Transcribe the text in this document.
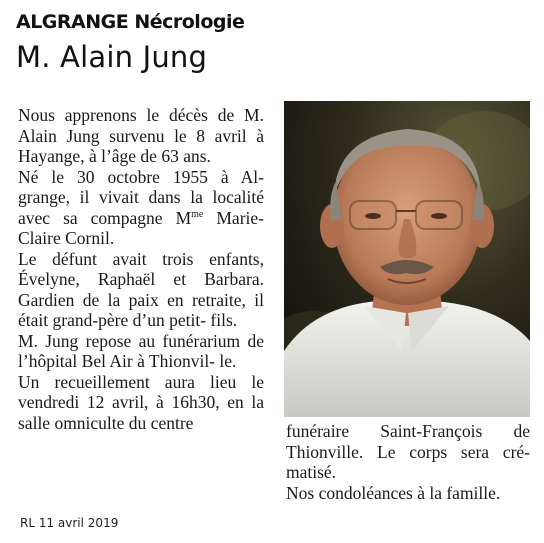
ALGRANGE Nécrologie
M. Alain Jung

Nous apprenons le décès de M. Alain Jung survenu le 8 avril à Hayange, à l’âge de 63 ans.

Né le 30 octobre 1955 à Al- grange, il vivait dans la localité avec sa compagne $M^{me}$ Marie- Claire Cornil.

Le défunt avait trois enfants, Évelyne, Raphaël et Barbara. Gardien de la paix en retraite, il était grand-père d’un petit- fils.

M. Jung repose au funérarium de l’hôpital Bel Air à Thionvil- le.

Un recueillement aura lieu le vendredi 12 avril, à 16h30, en la salle omniculte du centre	funéraire Saint-François de Thionville. Le corps sera cré- matisé.

Nos condoléances à la famille.

RL 11 avril 2019
